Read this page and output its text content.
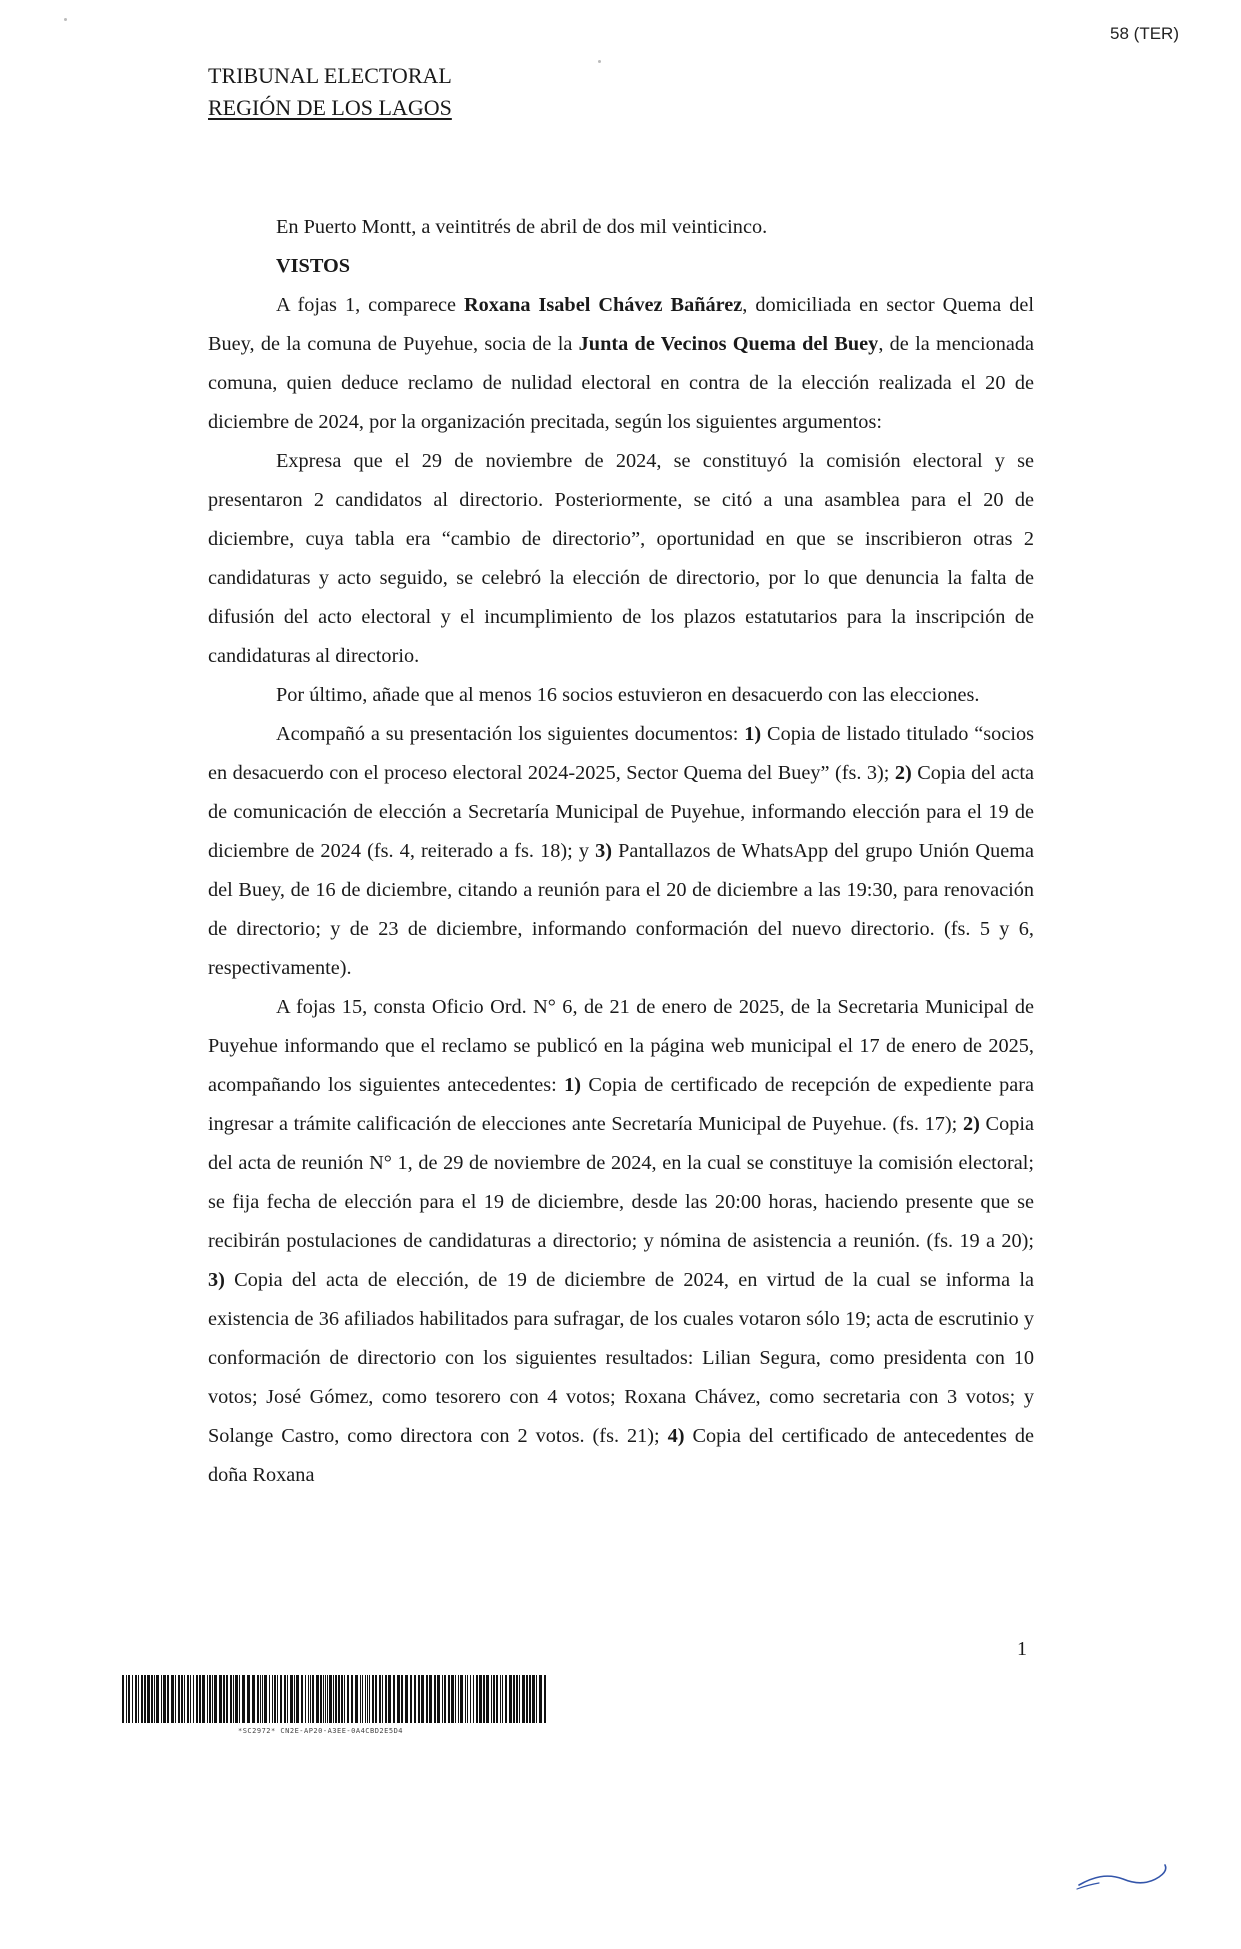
58 (TER)
TRIBUNAL ELECTORAL
REGIÓN DE LOS LAGOS

En Puerto Montt, a veintitrés de abril de dos mil veinticinco.

VISTOS

A fojas 1, comparece Roxana Isabel Chávez Bañárez, domiciliada en sector Quema del Buey, de la comuna de Puyehue, socia de la Junta de Vecinos Quema del Buey, de la mencionada comuna, quien deduce reclamo de nulidad electoral en contra de la elección realizada el 20 de diciembre de 2024, por la organización precitada, según los siguientes argumentos:

Expresa que el 29 de noviembre de 2024, se constituyó la comisión electoral y se presentaron 2 candidatos al directorio. Posteriormente, se citó a una asamblea para el 20 de diciembre, cuya tabla era “cambio de directorio”, oportunidad en que se inscribieron otras 2 candidaturas y acto seguido, se celebró la elección de directorio, por lo que denuncia la falta de difusión del acto electoral y el incumplimiento de los plazos estatutarios para la inscripción de candidaturas al directorio.

Por último, añade que al menos 16 socios estuvieron en desacuerdo con las elecciones.

Acompañó a su presentación los siguientes documentos: 1) Copia de listado titulado “socios en desacuerdo con el proceso electoral 2024-2025, Sector Quema del Buey” (fs. 3); 2) Copia del acta de comunicación de elección a Secretaría Municipal de Puyehue, informando elección para el 19 de diciembre de 2024 (fs. 4, reiterado a fs. 18); y 3) Pantallazos de WhatsApp del grupo Unión Quema del Buey, de 16 de diciembre, citando a reunión para el 20 de diciembre a las 19:30, para renovación de directorio; y de 23 de diciembre, informando conformación del nuevo directorio. (fs. 5 y 6, respectivamente).

A fojas 15, consta Oficio Ord. N° 6, de 21 de enero de 2025, de la Secretaria Municipal de Puyehue informando que el reclamo se publicó en la página web municipal el 17 de enero de 2025, acompañando los siguientes antecedentes: 1) Copia de certificado de recepción de expediente para ingresar a trámite calificación de elecciones ante Secretaría Municipal de Puyehue. (fs. 17); 2) Copia del acta de reunión N° 1, de 29 de noviembre de 2024, en la cual se constituye la comisión electoral; se fija fecha de elección para el 19 de diciembre, desde las 20:00 horas, haciendo presente que se recibirán postulaciones de candidaturas a directorio; y nómina de asistencia a reunión. (fs. 19 a 20); 3) Copia del acta de elección, de 19 de diciembre de 2024, en virtud de la cual se informa la existencia de 36 afiliados habilitados para sufragar, de los cuales votaron sólo 19; acta de escrutinio y conformación de directorio con los siguientes resultados: Lilian Segura, como presidenta con 10 votos; José Gómez, como tesorero con 4 votos; Roxana Chávez, como secretaria con 3 votos; y Solange Castro, como directora con 2 votos. (fs. 21); 4) Copia del certificado de antecedentes de doña Roxana

1
*SC2972* CN2E-AP20-A3EE-0A4CBD2E5D4
